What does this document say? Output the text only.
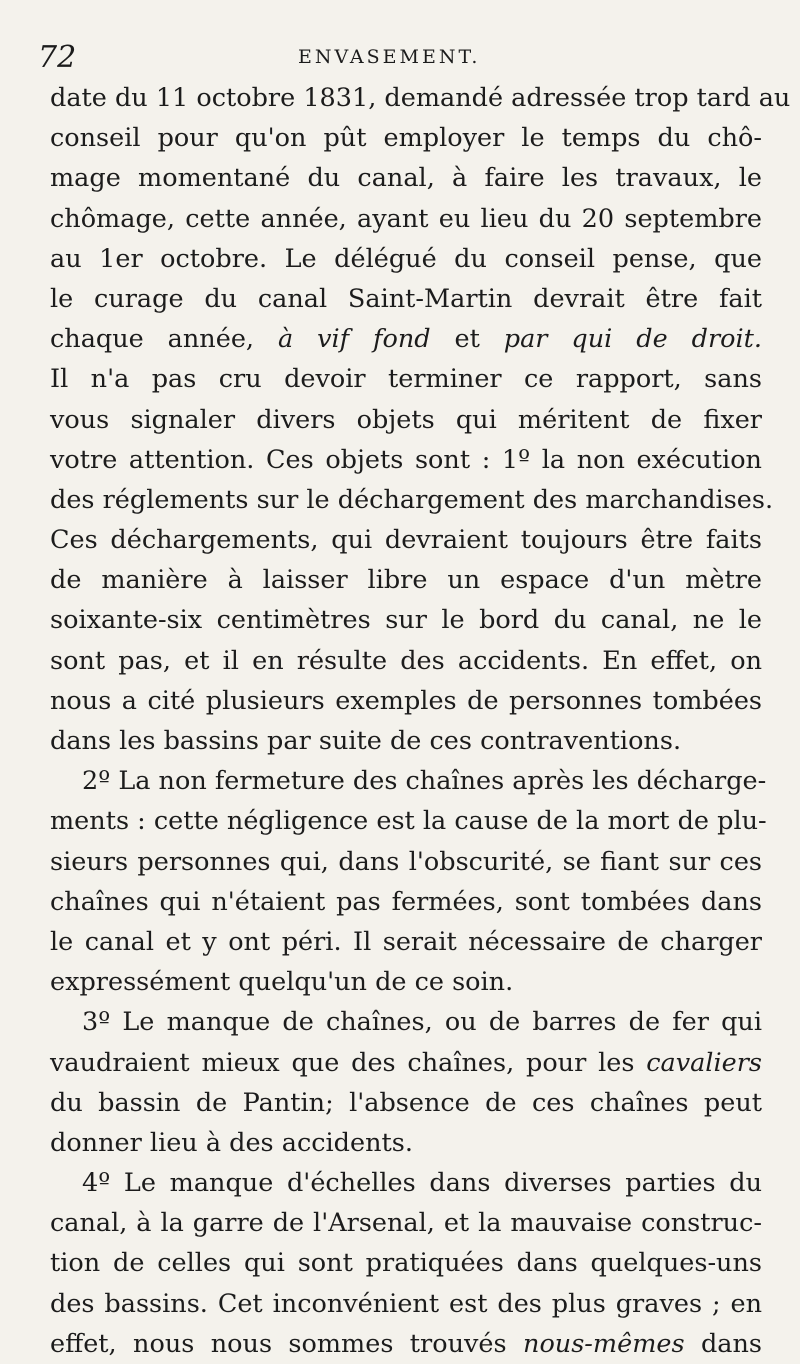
72	ENVASEMENT.
date du 11 octobre 1831, demandé adressée trop tard au
conseil pour qu'on pût employer le temps du chô-
mage momentané du canal, à faire les travaux, le
chômage, cette année, ayant eu lieu du 20 septembre
au 1er octobre. Le délégué du conseil pense, que
le curage du canal Saint-Martin devrait être fait
chaque année, à vif fond et par qui de droit.
Il n'a pas cru devoir terminer ce rapport, sans
vous signaler divers objets qui méritent de fixer
votre attention. Ces objets sont : 1º la non exécution
des réglements sur le déchargement des marchandises.
Ces déchargements, qui devraient toujours être faits
de manière à laisser libre un espace d'un mètre
soixante-six centimètres sur le bord du canal, ne le
sont pas, et il en résulte des accidents. En effet, on
nous a cité plusieurs exemples de personnes tombées
dans les bassins par suite de ces contraventions.
2º La non fermeture des chaînes après les décharge-
ments : cette négligence est la cause de la mort de plu-
sieurs personnes qui, dans l'obscurité, se fiant sur ces
chaînes qui n'étaient pas fermées, sont tombées dans
le canal et y ont péri. Il serait nécessaire de charger
expressément quelqu'un de ce soin.
3º Le manque de chaînes, ou de barres de fer qui
vaudraient mieux que des chaînes, pour les cavaliers
du bassin de Pantin; l'absence de ces chaînes peut
donner lieu à des accidents.
4º Le manque d'échelles dans diverses parties du
canal, à la garre de l'Arsenal, et la mauvaise construc-
tion de celles qui sont pratiquées dans quelques-uns
des bassins. Cet inconvénient est des plus graves ; en
effet, nous nous sommes trouvés nous-mêmes dans
